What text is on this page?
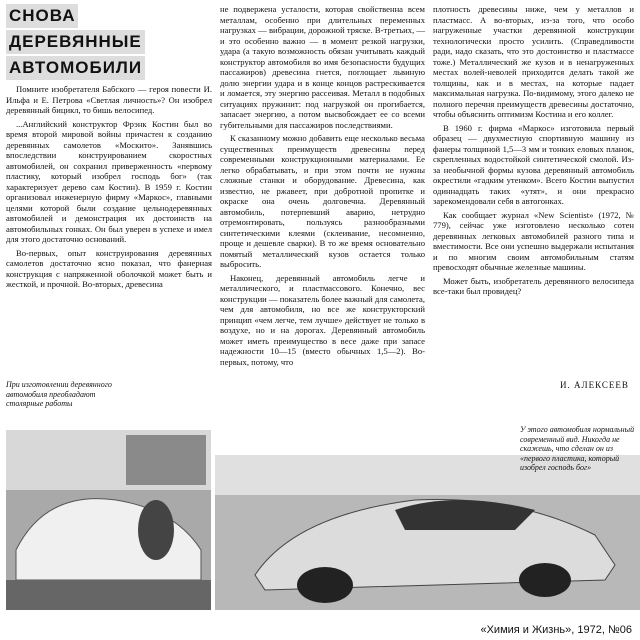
СНОВА
ДЕРЕВЯННЫЕ
АВТОМОБИЛИ

Помните изобретателя Бабского — героя повести И. Ильфа и Е. Петрова «Светлая личность»? Он изобрел деревянный бицикл, то бишь велосипед.

...Английский конструктор Фрэнк Костин был во время второй мировой войны причастен к созданию деревянных самолетов «Москито». Занявшись впоследствии конструированием скоростных автомобилей, он сохранил приверженность «первому пластику, который изобрел господь бог» (так характеризует дерево сам Костин). В 1959 г. Костин организовал инженерную фирму «Маркос», главными целями которой были создание цельнодеревянных автомобилей и демонстрация их достоинств на автомобильных гонках. Он был уверен в успехе и имел для этого достаточно оснований.

Во-первых, опыт конструирования деревянных самолетов достаточно ясно показал, что фанерная конструкция с напряженной оболочкой может быть и жесткой, и прочной. Во-вторых, древесина

не подвержена усталости, которая свойственна всем металлам, особенно при длительных переменных нагрузках — вибрации, дорожной тряске. В-третьих, — и это особенно важно — в момент резкой нагрузки, удара (а такую возможность обязан учитывать каждый конструктор автомобиля во имя безопасности будущих пассажиров) древесина гнется, поглощает львиную долю энергии удара и в конце концов растрескивается и ломается, эту энергию рассеивая. Металл в подобных ситуациях пружинит: под нагрузкой он прогибается, запасает энергию, а потом высвобождает ее со всеми губительными для пассажиров последствиями.

К сказанному можно добавить еще несколько весьма существенных преимуществ древесины перед современными конструкционными материалами. Ее легко обрабатывать, и при этом почти не нужны сложные станки и оборудование. Древесина, как известно, не ржавеет, при добротной пропитке и окраске она очень долговечна. Деревянный автомобиль, потерпевший аварию, нетрудно отремонтировать, пользуясь разнообразными синтетическими клеями (склеивание, несомненно, проще и дешевле сварки). В то же время основательно помятый металлический кузов остается только выбросить.

Наконец, деревянный автомобиль легче и металлического, и пластмассового. Конечно, вес конструкции — показатель более важный для самолета, чем для автомобиля, но все же конструкторский принцип «чем легче, тем лучше» действует не только в воздухе, но и на дорогах. Деревянный автомобиль может иметь преимущество в весе даже при запасе надежности 10—15 (вместо обычных 1,5—2). Во-первых, потому, что

плотность древесины ниже, чем у металлов и пластмасс. А во-вторых, из-за того, что особо нагруженные участки деревянной конструкции технологически просто усилить. (Справедливости ради, надо сказать, что это достоинство и пластмассе тоже.) Металлический же кузов и в ненагруженных местах волей-неволей приходится делать такой же толщины, как и в местах, на которые падает максимальная нагрузка. По-видимому, этого далеко не полного перечня преимуществ древесины достаточно, чтобы объяснить оптимизм Костина и его коллег.

В 1960 г. фирма «Маркос» изготовила первый образец — двухместную спортивную машину из фанеры толщиной 1,5—3 мм и тонких еловых планок, скрепленных водостойкой синтетической смолой. Из-за необычной формы кузова деревянный автомобиль окрестили «гадким утенком». Всего Костин выпустил одиннадцать таких «утят», и они прекрасно зарекомендовали себя в автогонках.

Как сообщает журнал «New Scientist» (1972, № 779), сейчас уже изготовлено несколько сотен деревянных легковых автомобилей разного типа и вместимости. Все они успешно выдержали испытания и по многим своим автомобильным статям превосходят обычные железные машины.

Может быть, изобретатель деревянного велосипеда все-таки был провидец?

И. АЛЕКСЕЕВ
При изготовлении деревянного автомобиля преобладают столярные работы
У этого автомобиля нормальный современный вид. Никогда не скажешь, что сделан он из «первого пластика, который изобрел господь бог»
«Химия и Жизнь», 1972, №06
